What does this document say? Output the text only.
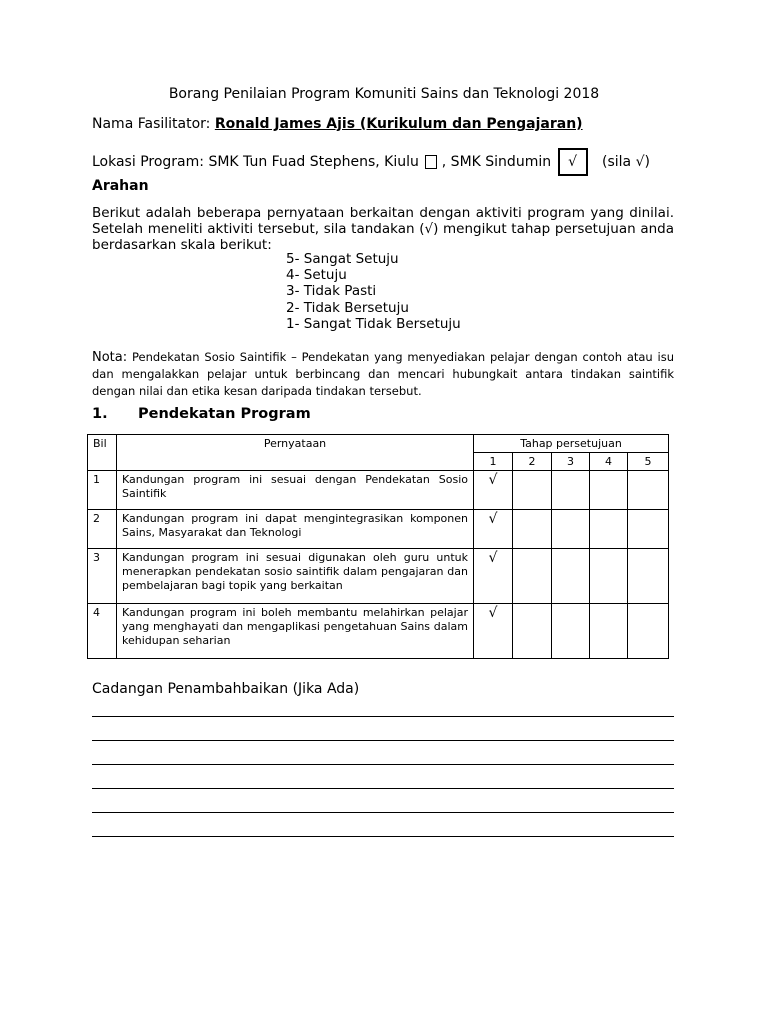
Borang Penilaian Program Komuniti Sains dan Teknologi 2018
Nama Fasilitator: Ronald James Ajis (Kurikulum dan Pengajaran)
Lokasi Program: SMK Tun Fuad Stephens, Kiulu , SMK Sindumin √ (sila √)
Arahan
Berikut adalah beberapa pernyataan berkaitan dengan aktiviti program yang dinilai. Setelah meneliti aktiviti tersebut, sila tandakan (√) mengikut tahap persetujuan anda berdasarkan skala berikut:
5- Sangat Setuju
4- Setuju
3- Tidak Pasti
2- Tidak Bersetuju
1- Sangat Tidak Bersetuju
Nota: Pendekatan Sosio Saintifik – Pendekatan yang menyediakan pelajar dengan contoh atau isu dan mengalakkan pelajar untuk berbincang dan mencari hubungkait antara tindakan saintifik dengan nilai dan etika kesan daripada tindakan tersebut.
1. Pendekatan Program
Bil	Pernyataan	Tahap persetujuan				
		1	2	3	4	5
1	Kandungan program ini sesuai dengan Pendekatan Sosio Saintifik	√				
2	Kandungan program ini dapat mengintegrasikan komponen Sains, Masyarakat dan Teknologi	√				
3	Kandungan program ini sesuai digunakan oleh guru untuk menerapkan pendekatan sosio saintifik dalam pengajaran dan pembelajaran bagi topik yang berkaitan	√				
4	Kandungan program ini boleh membantu melahirkan pelajar yang menghayati dan mengaplikasi pengetahuan Sains dalam kehidupan seharian	√				
Cadangan Penambahbaikan (Jika Ada)
